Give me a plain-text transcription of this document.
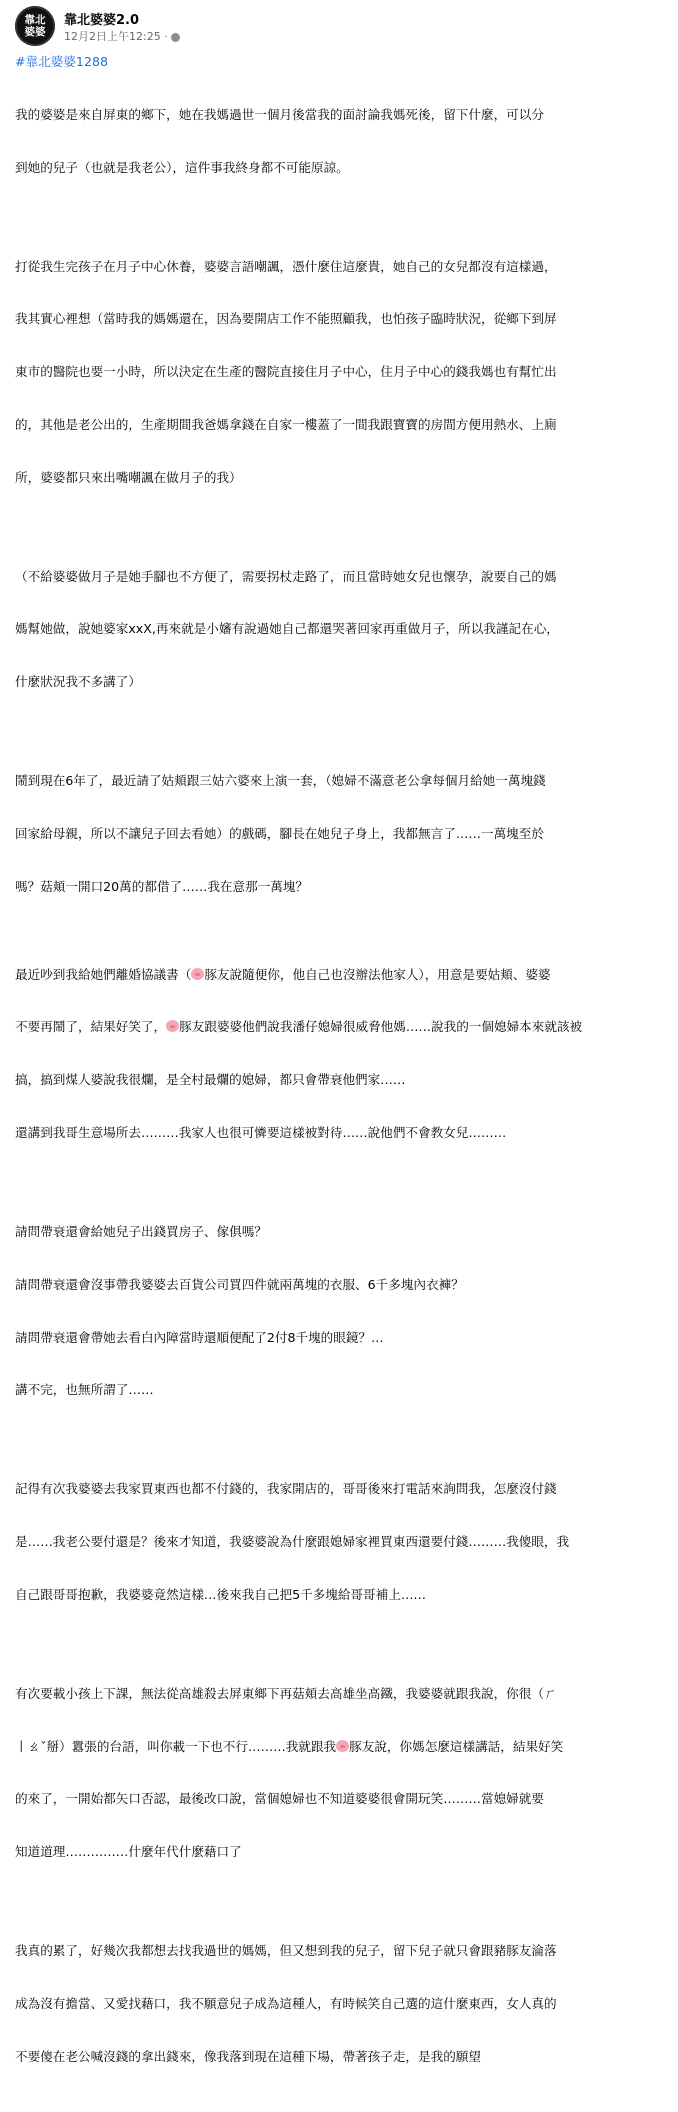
靠北
婆婆
靠北婆婆2.0
12月2日上午12:25 ·
#靠北婆婆1288

我的婆婆是來自屏東的鄉下，她在我媽過世一個月後當我的面討論我媽死後，留下什麼，可以分

到她的兒子（也就是我老公），這件事我終身都不可能原諒。

打從我生完孩子在月子中心休養，婆婆言語嘲諷，憑什麼住這麼貴，她自己的女兒都沒有這樣過，

我其實心裡想（當時我的媽媽還在，因為要開店工作不能照顧我，也怕孩子臨時狀況，從鄉下到屏

東市的醫院也要一小時，所以決定在生產的醫院直接住月子中心，住月子中心的錢我媽也有幫忙出

的，其他是老公出的，生產期間我爸媽拿錢在自家一樓蓋了一間我跟寶寶的房間方便用熱水、上廁

所，婆婆都只來出嘴嘲諷在做月子的我）

（不給婆婆做月子是她手腳也不方便了，需要拐杖走路了，而且當時她女兒也懷孕，說要自己的媽

媽幫她做，說她婆家xxX,再來就是小嬸有說過她自己都還哭著回家再重做月子，所以我謹記在心，

什麼狀況我不多講了）

鬧到現在6年了，最近請了姑頬跟三姑六婆來上演一套，（媳婦不滿意老公拿每個月給她一萬塊錢

回家給母親，所以不讓兒子回去看她）的戲碼，腳長在她兒子身上，我都無言了……一萬塊至於

嗎？菇頬一開口20萬的都借了……我在意那一萬塊？

最近吵到我給她們離婚協議書（ 豚友說隨便你，他自己也沒辦法他家人），用意是要姑頬、婆婆

不要再鬧了，結果好笑了， 豚友跟婆婆他們說我潘仔媳婦很威脅他媽……說我的一個媳婦本來就該被

搞，搞到煤人婆說我很爛，是全村最爛的媳婦，都只會帶衰他們家……

還講到我哥生意場所去………我家人也很可憐要這樣被對待……說他們不會教女兒………

請問帶衰還會給她兒子出錢買房子、傢俱嗎？

請問帶衰還會沒事帶我婆婆去百貨公司買四件就兩萬塊的衣服、6千多塊內衣褲？

請問帶衰還會帶她去看白內障當時還順便配了2付8千塊的眼鏡？…

講不完，也無所謂了……

記得有次我婆婆去我家買東西也都不付錢的，我家開店的，哥哥後來打電話來詢問我，怎麼沒付錢

是……我老公要付還是？後來才知道，我婆婆說為什麼跟媳婦家裡買東西還要付錢………我傻眼，我

自己跟哥哥抱歉，我婆婆竟然這樣…後來我自己把5千多塊給哥哥補上……

有次要載小孩上下課，無法從高雄殺去屏東鄉下再菇頬去高雄坐高鐵，我婆婆就跟我說，你很（ㄏ

丨ㄠˇ掰）囂張的台語，叫你載一下也不行………我就跟我 豚友說，你媽怎麼這樣講話，結果好笑

的來了，一開始都矢口否認，最後改口說，當個媳婦也不知道婆婆很會開玩笑………當媳婦就要

知道道理……………什麼年代什麼藉口了

我真的累了，好幾次我都想去找我過世的媽媽，但又想到我的兒子，留下兒子就只會跟豬豚友淪落

成為沒有擔當、又愛找藉口，我不願意兒子成為這種人，有時候笑自己選的這什麼東西，女人真的

不要傻在老公喊沒錢的拿出錢來，像我落到現在這種下場，帶著孩子走，是我的願望
